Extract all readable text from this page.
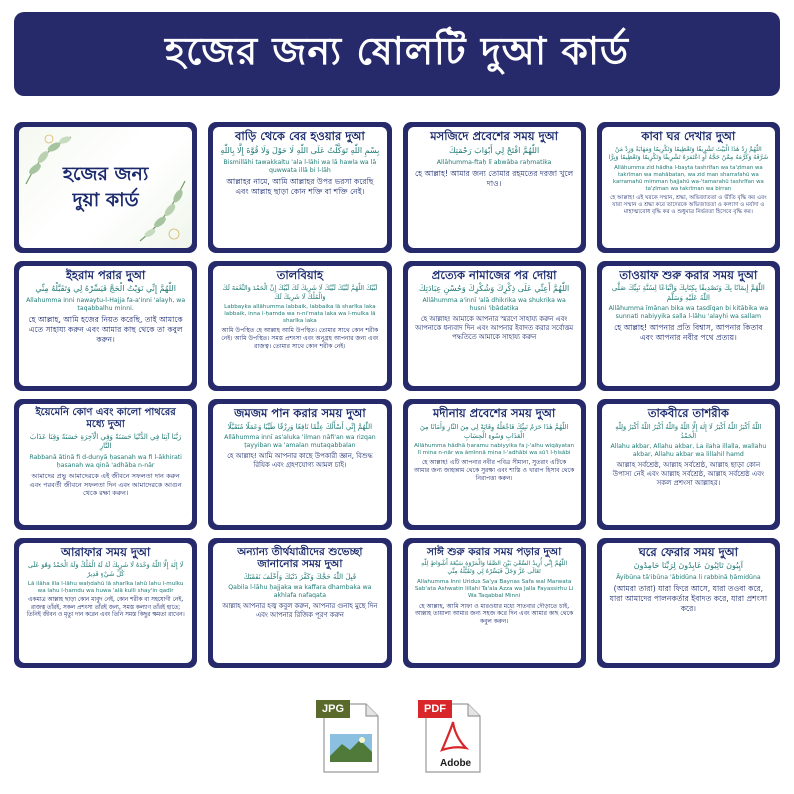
হজের জন্য ষোলটি দুআ কার্ড
হজের জন্য দুয়া কার্ড
বাড়ি থেকে বের হওয়ার দুআ
بِسْمِ اللّٰهِ تَوَكَّلْتُ عَلَى اللّٰهِ لَا حَوْلَ وَلَا قُوَّةَ إِلَّا بِاللّٰهِ
Bismillāhi tawakkaltu 'ala l-lāhi wa lā hawla wa lā quwwata illā bi l-lāh
আল্লাহর নামে, আমি আল্লাহর উপর ভরসা করেছি এবং আল্লাহ ছাড়া কোন শক্তি বা শক্তি নেই।
মসজিদে প্রবেশের সময় দুআ
اللّٰهُمَّ افْتَحْ لِي أَبْوَابَ رَحْمَتِكَ
Allāhumma-ftaḥ lī abwāba raḥmatika
হে আল্লাহ! আমার জন্য তোমার রহমতের দরজা খুলে দাও।
কাবা ঘর দেখার দুআ
اللّٰهُمَّ زِدْ هٰذَا الْبَيْتَ تَشْرِيفًا وَتَعْظِيمًا وَتَكْرِيمًا وَمَهَابَةً وَزِدْ مَنْ شَرَّفَهُ وَكَرَّمَهُ مِمَّنْ حَجَّهُ أَوِ اعْتَمَرَهُ تَشْرِيفًا وَتَكْرِيمًا وَتَعْظِيمًا وَبِرًّا
Allāhumma zid hādha l-bayta tashrīfan wa ta'ẓīman wa takrīman wa mahābatan, wa zid man sharrafahū wa karramahū mimman ḥajjahū wa-'tamarahū tashrīfan wa ta'ẓīman wa takrīman wa birran
হে আল্লাহ! এই ঘরকে সম্মান, শ্রদ্ধা, অভিজাততা ও ভীতি বৃদ্ধি কর এবং যারা সম্মান ও শ্রদ্ধা করে তাদেরকে অভিজাততা ও কল্যাণ ও মর্যাদা ও মাহাত্ম্যবোধ বৃদ্ধি কর ও শুধুমাত্র নির্ভরতা হিসেবে বৃদ্ধি কর।
ইহরাম পরার দুআ
اللّٰهُمَّ إِنِّي نَوَيْتُ الْحَجَّ فَيَسِّرْهُ لِي وَتَقَبَّلْهُ مِنِّي
Allahumma inni nawaytu-l-Hajja fa-a'inni 'alayh, wa taqabbalhu minni.
হে আল্লাহ, আমি হজের নিয়ত করেছি, তাই আমাকে এতে সাহায্য করুন এবং আমার কাছ থেকে তা কবুল করুন।
তালবিয়াহ
لَبَّيْكَ اللّٰهُمَّ لَبَّيْكَ لَبَّيْكَ لَا شَرِيكَ لَكَ لَبَّيْكَ إِنَّ الْحَمْدَ وَالنِّعْمَةَ لَكَ وَالْمُلْكَ لَا شَرِيكَ لَكَ
Labbayka allāhumma labbaik, labbaika lā sharīka laka labbaik, inna l-ḥamda wa n-ni'mata laka wa l-mulka lā sharīka laka
আমি উপস্থিত হে আল্লাহ আমি উপস্থিত। তোমার সাথে কোন শরীক নেই। আমি উপস্থিত। সমস্ত প্রশংসা এবং অনুগ্রহ আপনার জন্য এবং রাজত্ব। তোমার সাথে কোন শরীক নেই।
প্রত্যেক নামাজের পর দোয়া
اللّٰهُمَّ أَعِنِّي عَلَى ذِكْرِكَ وَشُكْرِكَ وَحُسْنِ عِبَادَتِكَ
Allāhumma a'innī 'alā dhikrika wa shukrika wa husni 'ibādatika
হে আল্লাহ! আমাকে আপনার স্মরণে সাহায্য করুন এবং আপনাকে ধন্যবাদ দিন এবং আপনার ইবাদত করার সর্বোত্তম পদ্ধতিতে আমাকে সাহায্য করুন
তাওয়াফ শুরু করার সময় দুআ
اللّٰهُمَّ إِيمَانًا بِكَ وَتَصْدِيقًا بِكِتَابِكَ وَاتِّبَاعًا لِسُنَّةِ نَبِيِّكَ صَلَّى اللّٰهُ عَلَيْهِ وَسَلَّمَ
Allāhumma īmānan bika wa tasdīqan bi kitābika wa sunnati nabiyyika salla l-lāhu 'alayhi wa sallam
হে আল্লাহ! আপনার প্রতি বিশ্বাস, আপনার কিতাব এবং আপনার নবীর পথে প্রত্যয়।
ইয়েমেনি কোণ এবং কালো পাথরের মধ্যে দুআ
رَبَّنَا آتِنَا فِي الدُّنْيَا حَسَنَةً وَفِي الْآخِرَةِ حَسَنَةً وَقِنَا عَذَابَ النَّارِ
Rabbanā ātinā fi d-dunyā ḥasanah wa fi l-ākhirati ḥasanah wa qinā 'adhāba n-nār
আমাদের প্রভু আমাদেরকে এই জীবনে সফলতা দান করুন এবং পরবর্তী জীবনে সফলতা দিন এবং আমাদেরকে আগুন থেকে রক্ষা করুন।
জমজম পান করার সময় দুআ
اللّٰهُمَّ إِنِّي أَسْأَلُكَ عِلْمًا نَافِعًا وَرِزْقًا طَيِّبًا وَعَمَلًا مُتَقَبَّلًا
Allāhumma innī as'aluka 'ilman nāfi'an wa rizqan ṭayyiban wa 'amalan mutaqabbalan
হে আল্লাহ! আমি আপনার কাছে উপকারী জ্ঞান, বিশুদ্ধ রিযিক এবং গ্রহণযোগ্য আমল চাই।
মদীনায় প্রবেশের সময় দুআ
اللّٰهُمَّ هٰذَا حَرَمُ نَبِيِّكَ فَاجْعَلْهُ وِقَايَةً لِي مِنَ النَّارِ وَأَمَانًا مِنَ الْعَذَابِ وَسُوءِ الْحِسَابِ
Allāhumma hādhā ḥaramu nabiyyika fa j-'alhu wiqāyatan lī mina n-nār wa āmīnnā mina l-'adhābi wa sū'i l-ḥisābi
হে আল্লাহ! এটি আপনার নবীর পবিত্র সীমানা, সুতরাং এটিকে আমার জন্য জাহান্নাম থেকে সুরক্ষা এবং শাস্তি ও খারাপ হিসাব থেকে নিরাপত্তা করুন।
তাকবীরে তাশরীক
اللّٰهُ أَكْبَرُ اللّٰهُ أَكْبَرُ لَا إِلٰهَ إِلَّا اللّٰهُ وَاللّٰهُ أَكْبَرُ اللّٰهُ أَكْبَرُ وَلِلّٰهِ الْحَمْدُ
Allahu akbar, Allahu akbar, La ilaha illalla, wallahu akbar, Allahu akbar wa lillahil hamd
আল্লাহ সর্বশ্রেষ্ঠ, আল্লাহ সর্বশ্রেষ্ঠ, আল্লাহ ছাড়া কোন উপাস্য নেই এবং আল্লাহ সর্বশ্রেষ্ঠ, আল্লাহ সর্বশ্রেষ্ঠ এবং সকল প্রশংসা আল্লাহর।
আরাফার সময় দুআ
لَا إِلٰهَ إِلَّا اللّٰهُ وَحْدَهُ لَا شَرِيكَ لَهُ لَهُ الْمُلْكُ وَلَهُ الْحَمْدُ وَهُوَ عَلَى كُلِّ شَيْءٍ قَدِيرٌ
Lā ilāha illa l-lāhu waḥdahū lā sharīka lahū lahu l-mulku wa lahu l-ḥamdu wa huwa 'alā kulli shay'in qadīr
একমাত্র আল্লাহ ছাড়া কোন মাবুদ নেই, কোন শরীক বা সহযোগী নেই, রাজত্ব তাঁরই, সকল প্রশংসা তাঁরই জন্য, সমস্ত কল্যাণ তাঁরই হাতে; তিনিই জীবন ও মৃত্যু দান করেন এবং তিনি সমস্ত কিছুর ক্ষমতা রাখেন।
অন্যান্য তীর্থযাত্রীদের শুভেচ্ছা জানানোর সময় দুআ
قَبِلَ اللّٰهُ حَجَّكَ وَكَفَّرَ ذَنْبَكَ وَأَخْلَفَ نَفَقَتَكَ
Qabila l-lāhu ḥajjaka wa kaffara dhambaka wa akhlafa nafaqata
আল্লাহ আপনার হজ্ব কবুল করুন, আপনার গুনাহ মুছে দিন এবং আপনার রিজিক পূরণ করুন
সাঈ শুরু করার সময় পড়ার দুআ
اللّٰهُمَّ إِنِّي أُرِيدُ السَّعْيَ بَيْنَ الصَّفَا وَالْمَرْوَةِ سَبْعَةَ أَشْوَاطٍ لِلّٰهِ تَعَالَى عَزَّ وَجَلَّ فَيَسِّرْهُ لِي وَتَقَبَّلْهُ مِنِّي
Allahumma Inni Uridus Sa'ya Baynas Safa wal Marwata Sab'ata Ashwatin lillahi Ta'ala Azza wa Jalla Fayassirhu Li Wa Taqabbal Minni
হে আল্লাহ, আমি সাফা ও মারওয়ার মধ্যে সাতবার দৌড়াতে চাই, আল্লাহ তায়ালা আমার জন্য সহজ করে দিন এবং আমার কাছ থেকে কবুল করুন।
ঘরে ফেরার সময় দুআ
آيِبُونَ تَائِبُونَ عَابِدُونَ لِرَبِّنَا حَامِدُونَ
Āyibūna tā'ibūna 'ābidūna li rabbinā ḥāmidūna
(আমরা তারা) যারা ফিরে আসে, যারা তওবা করে, যারা আমাদের পালনকর্তার ইবাদত করে, যারা প্রশংসা করে।
JPG	PDF
Adobe
